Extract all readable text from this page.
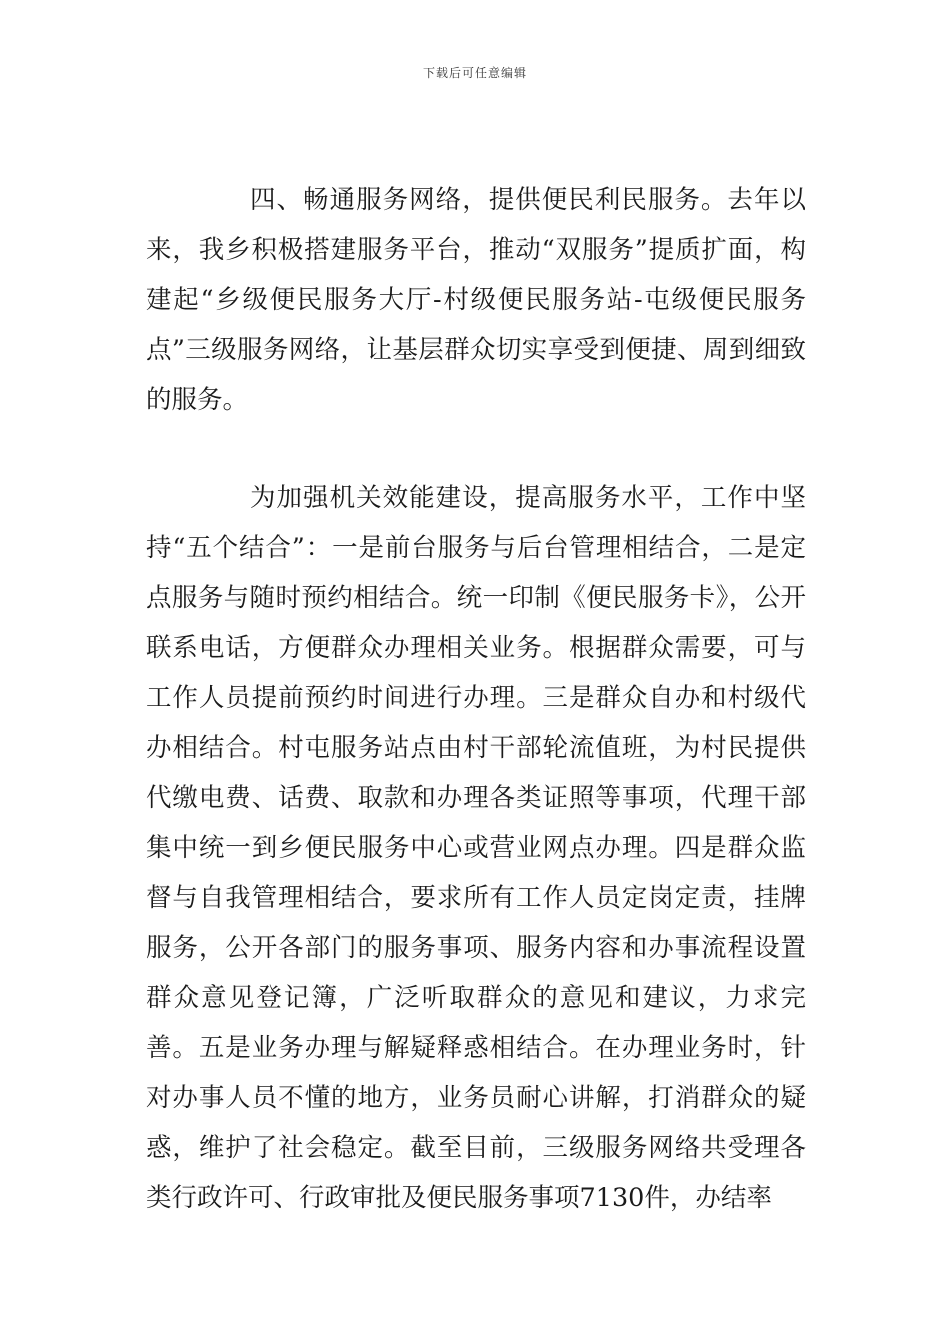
下载后可任意编辑

四、畅通服务网络，提供便民利民服务。去年以来，我乡积极搭建服务平台，推动“双服务”提质扩面，构建起“乡级便民服务大厅-村级便民服务站-屯级便民服务点”三级服务网络，让基层群众切实享受到便捷、周到细致的服务。

为加强机关效能建设，提高服务水平，工作中坚持“五个结合”：一是前台服务与后台管理相结合，二是定点服务与随时预约相结合。统一印制《便民服务卡》，公开联系电话，方便群众办理相关业务。根据群众需要，可与工作人员提前预约时间进行办理。三是群众自办和村级代办相结合。村屯服务站点由村干部轮流值班，为村民提供代缴电费、话费、取款和办理各类证照等事项，代理干部集中统一到乡便民服务中心或营业网点办理。四是群众监督与自我管理相结合，要求所有工作人员定岗定责，挂牌服务，公开各部门的服务事项、服务内容和办事流程设置群众意见登记簿，广泛听取群众的意见和建议，力求完善。五是业务办理与解疑释惑相结合。在办理业务时，针对办事人员不懂的地方，业务员耐心讲解，打消群众的疑惑，维护了社会稳定。截至目前，三级服务网络共受理各类行政许可、行政审批及便民服务事项7130件，办结率
